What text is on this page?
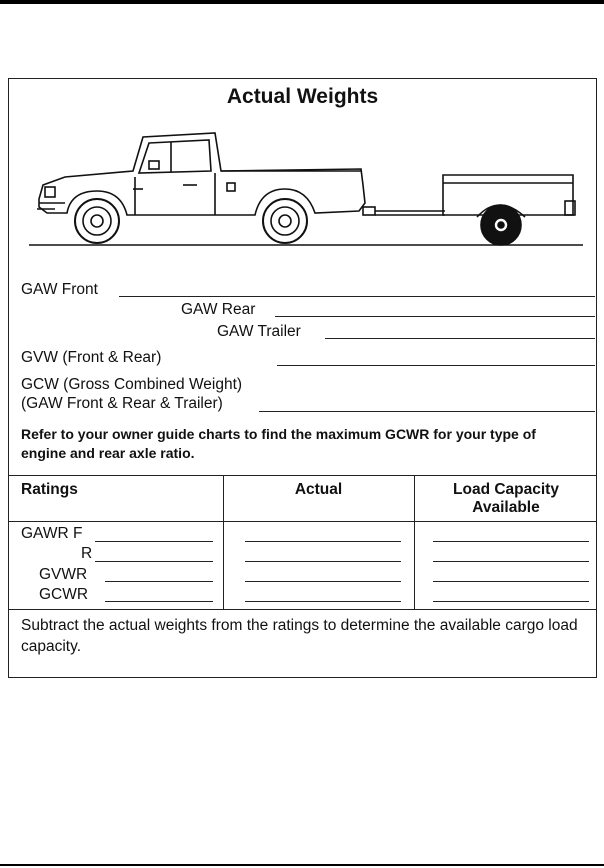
Actual Weights
GAW Front
GAW Rear
GAW Trailer
GVW (Front & Rear)
GCW (Gross Combined Weight)
(GAW Front & Rear & Trailer)
Refer to your owner guide charts to find the maximum GCWR for your type of engine and rear axle ratio.
Ratings	Actual	Load Capacity
Available
GAWR F
R
GVWR
GCWR
Subtract the actual weights from the ratings to determine the available cargo load capacity.
